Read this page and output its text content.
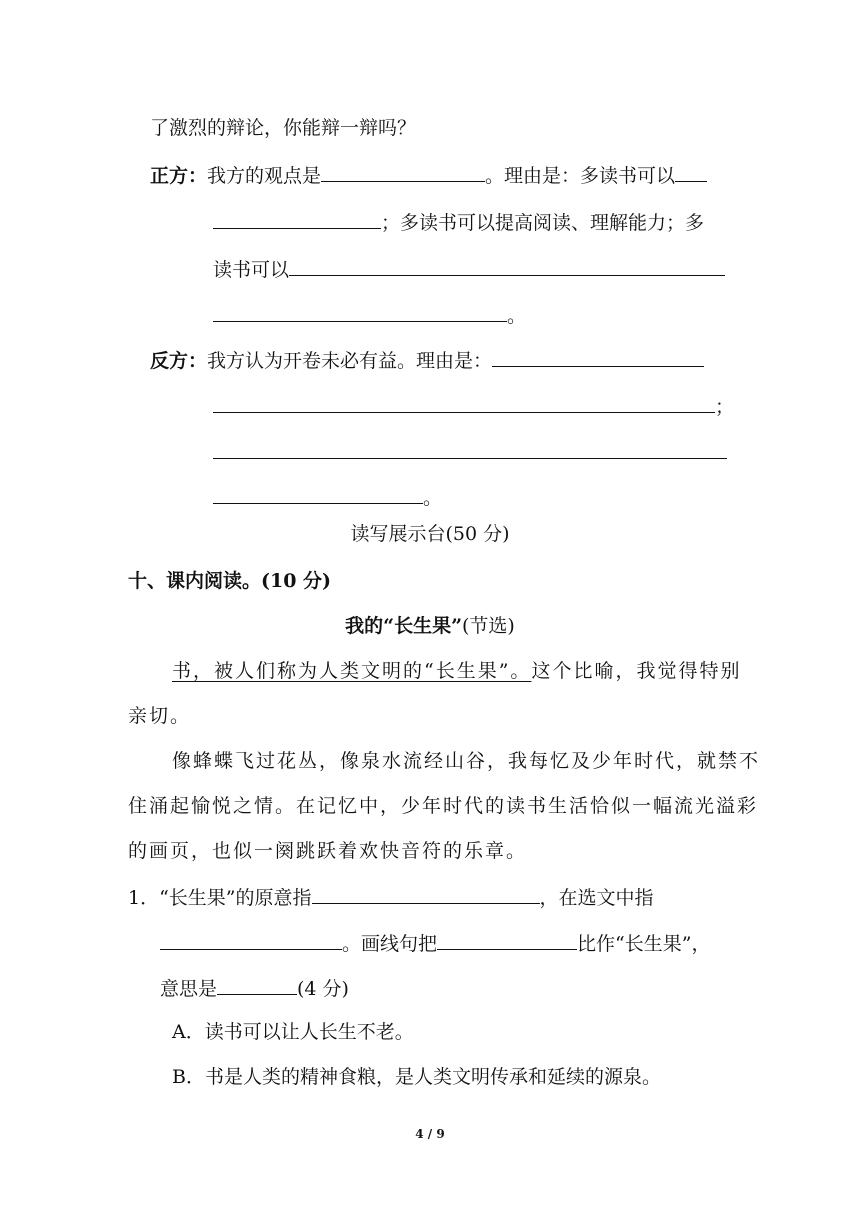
了激烈的辩论，你能辩一辩吗？
正方：我方的观点是	。理由是：多读书可以
；多读书可以提高阅读、理解能力；多
读书可以
。
反方：我方认为开卷未必有益。理由是：
；
。
读写展示台(50 分)
十、课内阅读。(10 分)
我的“长生果”(节选)
书，被人们称为人类文明的“长生果”。这个比喻，我觉得特别
亲切。
像蜂蝶飞过花丛，像泉水流经山谷，我每忆及少年时代，就禁不
住涌起愉悦之情。在记忆中，少年时代的读书生活恰似一幅流光溢彩
的画页，也似一阕跳跃着欢快音符的乐章。
1．“长生果”的原意指	，在选文中指
。画线句把	比作“长生果”，
意思是	(4 分)
A．读书可以让人长生不老。
B．书是人类的精神食粮，是人类文明传承和延续的源泉。
4 / 9
